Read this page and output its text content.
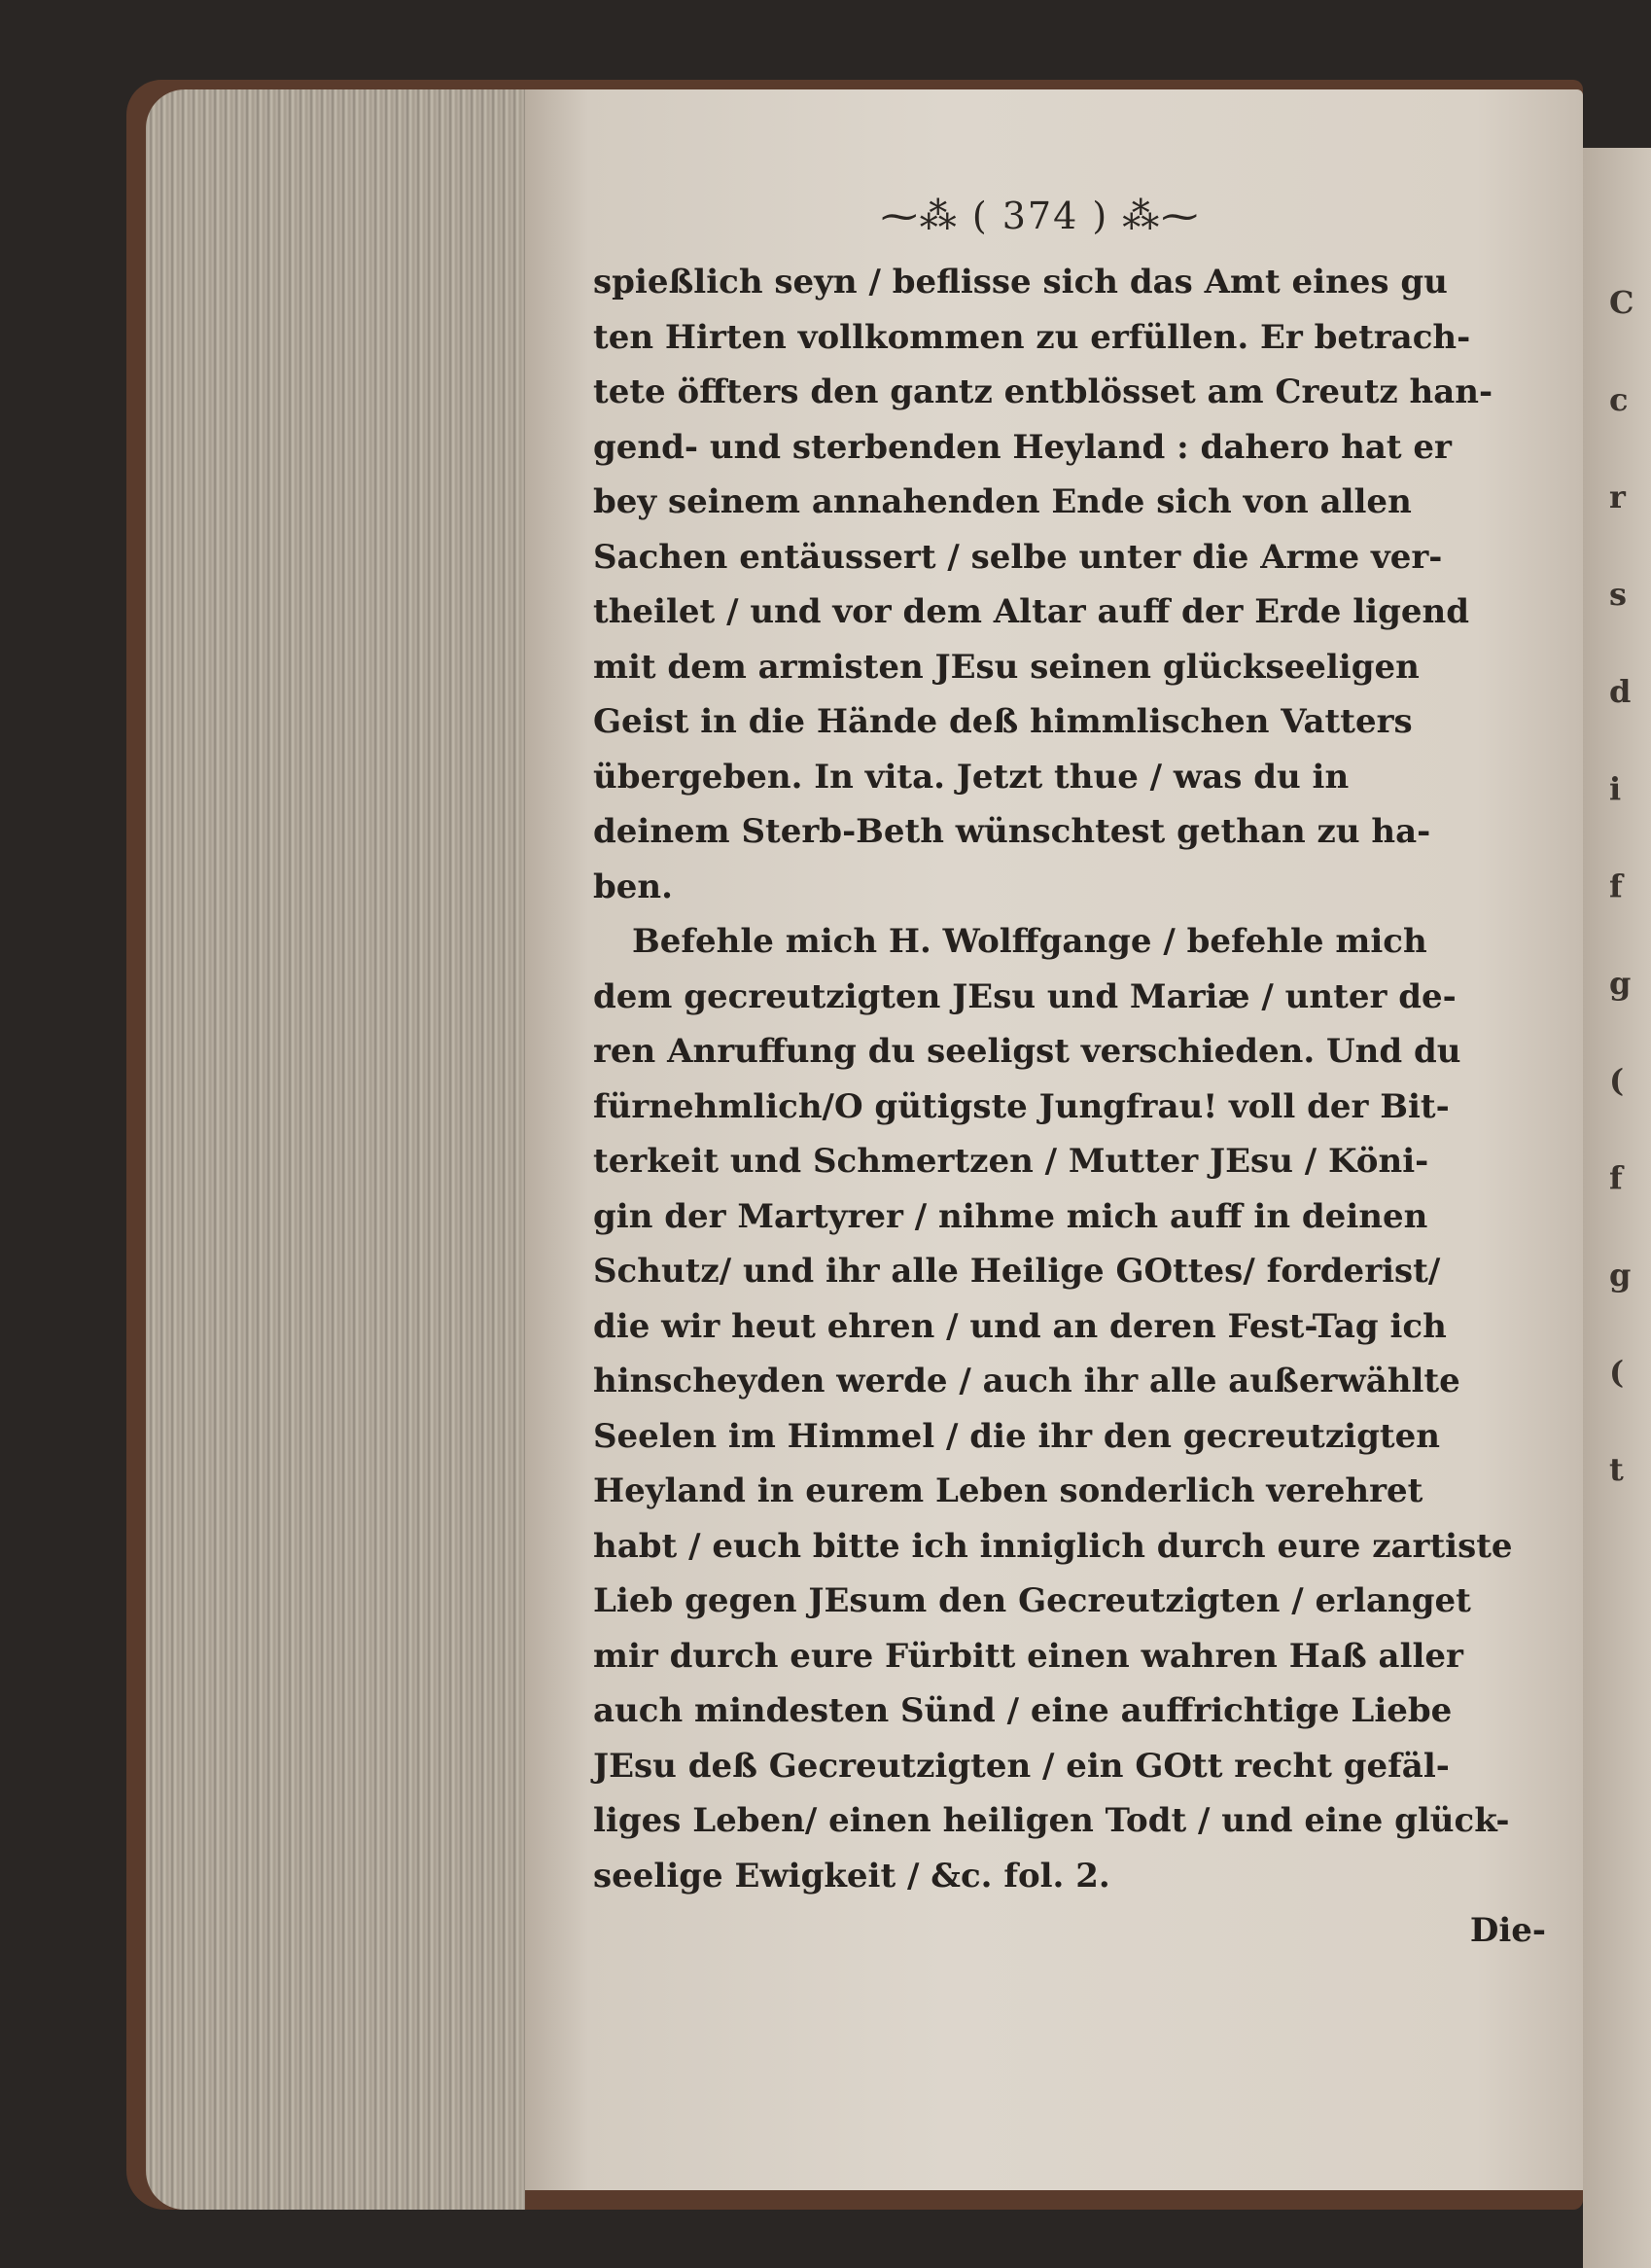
⁓⁂ ( 374 ) ⁂⁓
spießlich seyn / beflisse sich das Amt eines gu
ten Hirten vollkommen zu erfüllen. Er betrach-
tete öffters den gantz entblösset am Creutz han-
gend- und sterbenden Heyland : dahero hat er
bey seinem annahenden Ende sich von allen
Sachen entäussert / selbe unter die Arme ver-
theilet / und vor dem Altar auff der Erde ligend
mit dem armisten JEsu seinen glückseeligen
Geist in die Hände deß himmlischen Vatters
übergeben. In vita. Jetzt thue / was du in
deinem Sterb-Beth wünschtest gethan zu ha-
ben.
Befehle mich H. Wolffgange / befehle mich
dem gecreutzigten JEsu und Mariæ / unter de-
ren Anruffung du seeligst verschieden. Und du
fürnehmlich/O gütigste Jungfrau! voll der Bit-
terkeit und Schmertzen / Mutter JEsu / Köni-
gin der Martyrer / nihme mich auff in deinen
Schutz/ und ihr alle Heilige GOttes/ forderist/
die wir heut ehren / und an deren Fest-Tag ich
hinscheyden werde / auch ihr alle außerwählte
Seelen im Himmel / die ihr den gecreutzigten
Heyland in eurem Leben sonderlich verehret
habt / euch bitte ich inniglich durch eure zartiste
Lieb gegen JEsum den Gecreutzigten / erlanget
mir durch eure Fürbitt einen wahren Haß aller
auch mindesten Sünd / eine auffrichtige Liebe
JEsu deß Gecreutzigten / ein GOtt recht gefäl-
liges Leben/ einen heiligen Todt / und eine glück-
seelige Ewigkeit / &c. fol. 2.
Die-
C
c
r
s
d
i
f
g
(
f
g
(
t
